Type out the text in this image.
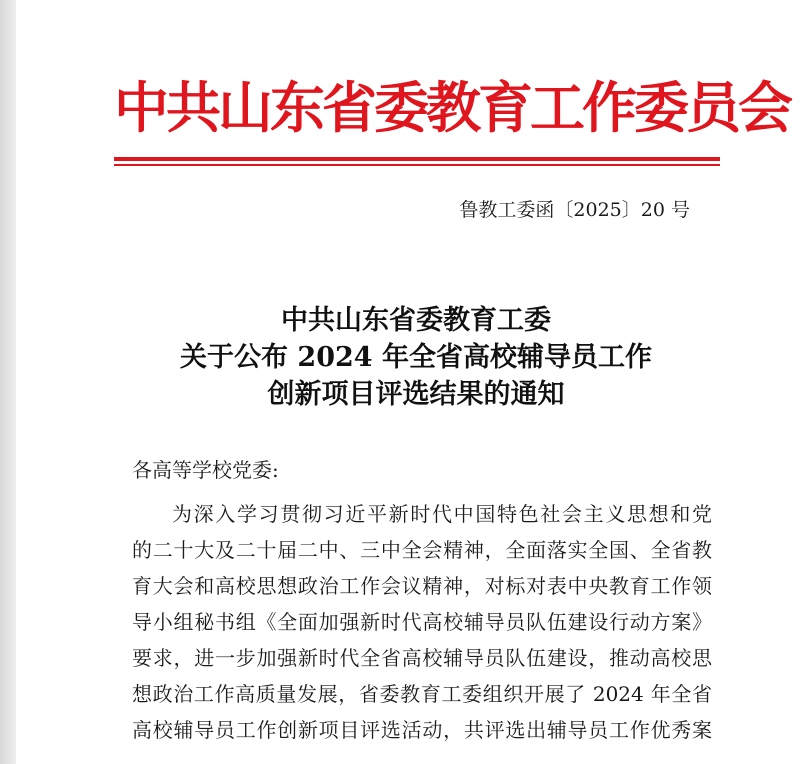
中共山东省委教育工作委员会
鲁教工委函〔2025〕20 号
中共山东省委教育工委
关于公布 2024 年全省高校辅导员工作
创新项目评选结果的通知
各高等学校党委:
为深入学习贯彻习近平新时代中国特色社会主义思想和党
的二十大及二十届二中、三中全会精神，全面落实全国、全省教
育大会和高校思想政治工作会议精神，对标对表中央教育工作领
导小组秘书组《全面加强新时代高校辅导员队伍建设行动方案》
要求，进一步加强新时代全省高校辅导员队伍建设，推动高校思
想政治工作高质量发展，省委教育工委组织开展了 2024 年全省
高校辅导员工作创新项目评选活动，共评选出辅导员工作优秀案
